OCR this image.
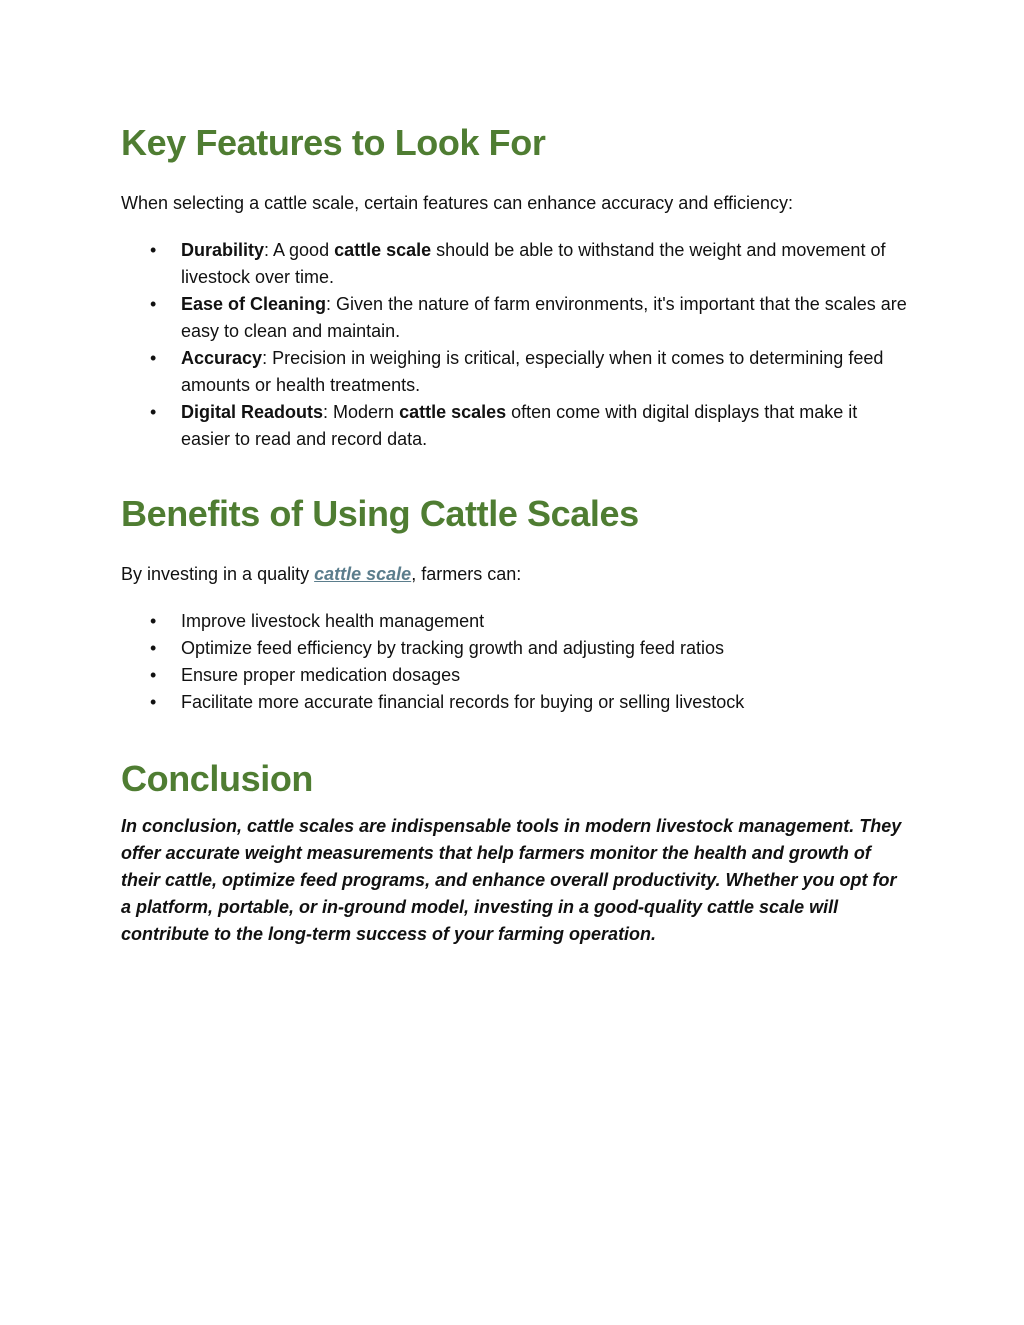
Key Features to Look For

When selecting a cattle scale, certain features can enhance accuracy and efficiency:

• Durability: A good cattle scale should be able to withstand the weight and movement of livestock over time.
• Ease of Cleaning: Given the nature of farm environments, it's important that the scales are easy to clean and maintain.
• Accuracy: Precision in weighing is critical, especially when it comes to determining feed amounts or health treatments.
• Digital Readouts: Modern cattle scales often come with digital displays that make it easier to read and record data.
Benefits of Using Cattle Scales

By investing in a quality cattle scale, farmers can:

• Improve livestock health management
• Optimize feed efficiency by tracking growth and adjusting feed ratios
• Ensure proper medication dosages
• Facilitate more accurate financial records for buying or selling livestock
Conclusion

In conclusion, cattle scales are indispensable tools in modern livestock management. They offer accurate weight measurements that help farmers monitor the health and growth of their cattle, optimize feed programs, and enhance overall productivity. Whether you opt for a platform, portable, or in-ground model, investing in a good-quality cattle scale will contribute to the long-term success of your farming operation.
